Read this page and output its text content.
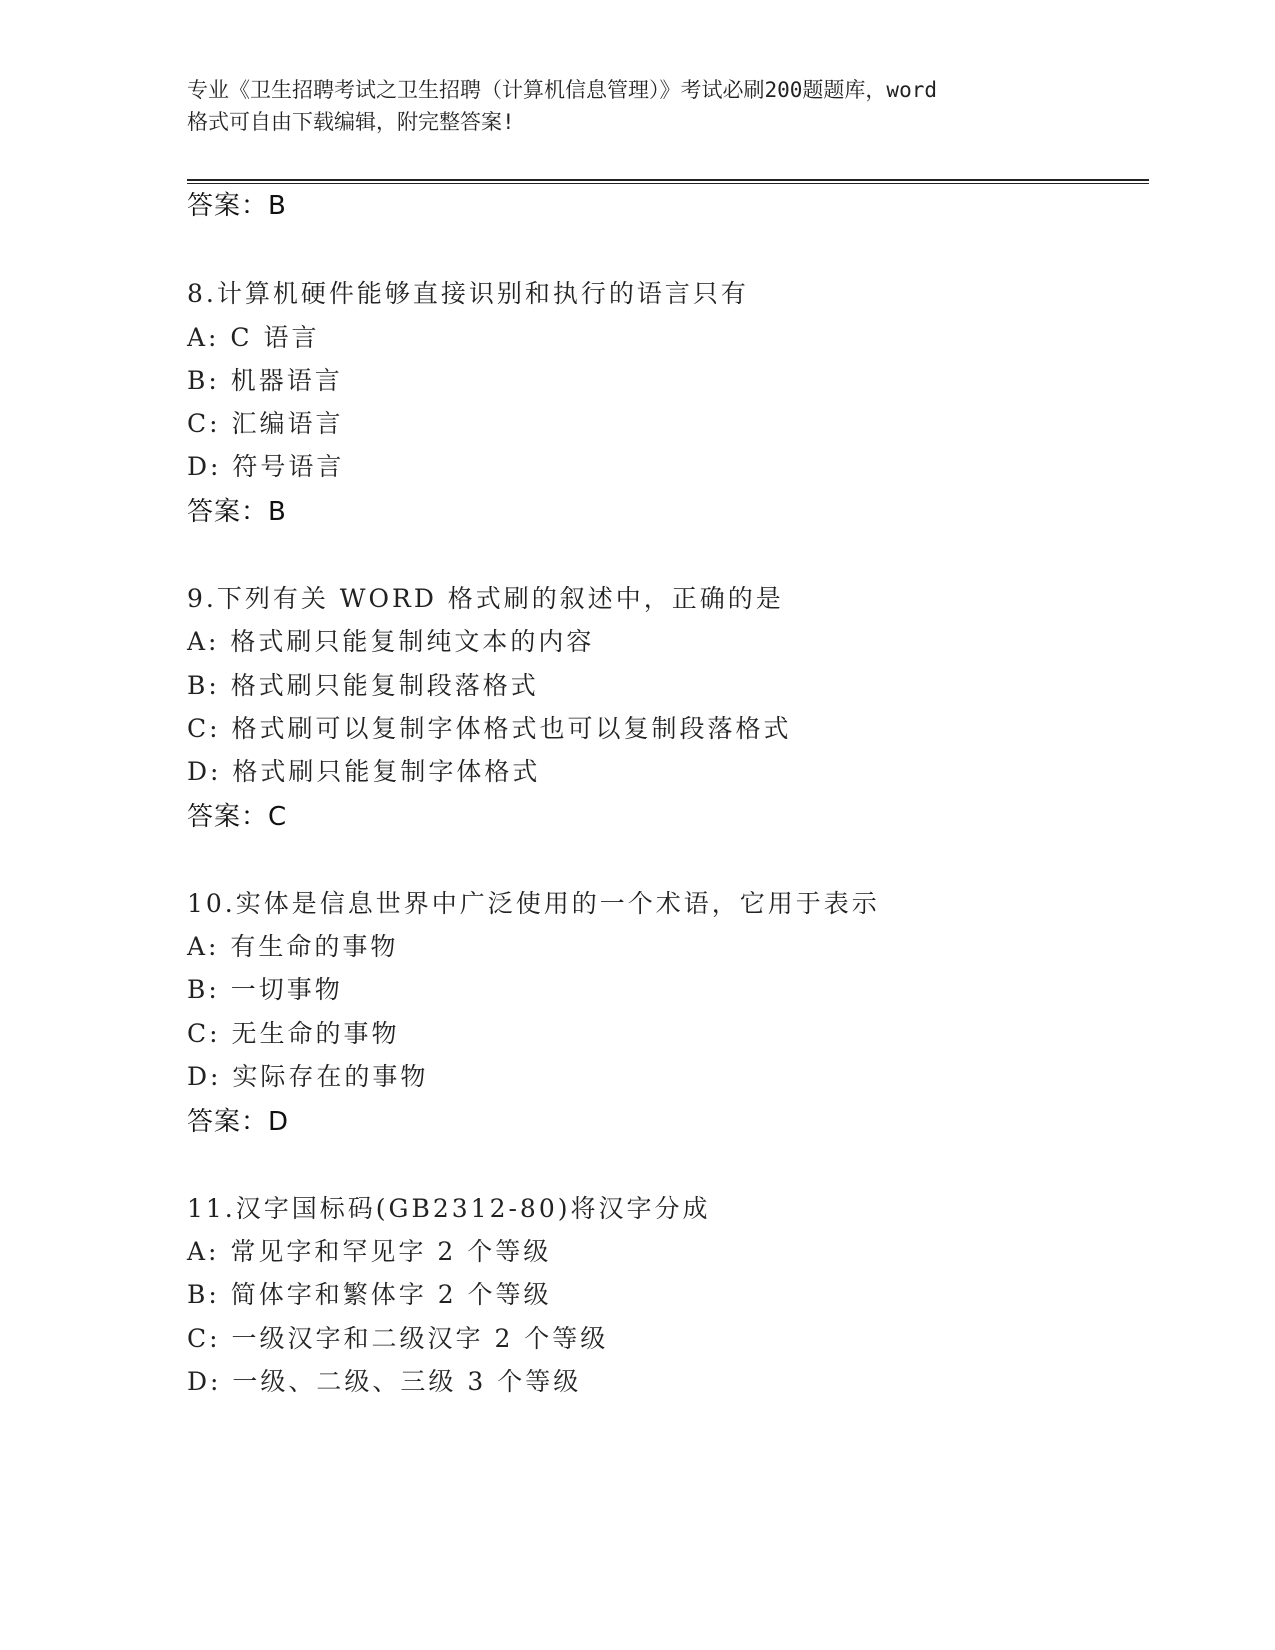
专业《卫生招聘考试之卫生招聘（计算机信息管理）》考试必刷200题题库，word
格式可自由下载编辑，附完整答案!
答案：B
8.计算机硬件能够直接识别和执行的语言只有
A: C 语言
B: 机器语言
C: 汇编语言
D: 符号语言
答案：B
9.下列有关 WORD 格式刷的叙述中，正确的是
A: 格式刷只能复制纯文本的内容
B: 格式刷只能复制段落格式
C: 格式刷可以复制字体格式也可以复制段落格式
D: 格式刷只能复制字体格式
答案：C
10.实体是信息世界中广泛使用的一个术语，它用于表示
A: 有生命的事物
B: 一切事物
C: 无生命的事物
D: 实际存在的事物
答案：D
11.汉字国标码(GB2312-80)将汉字分成
A: 常见字和罕见字 2 个等级
B: 简体字和繁体字 2 个等级
C: 一级汉字和二级汉字 2 个等级
D: 一级、二级、三级 3 个等级
